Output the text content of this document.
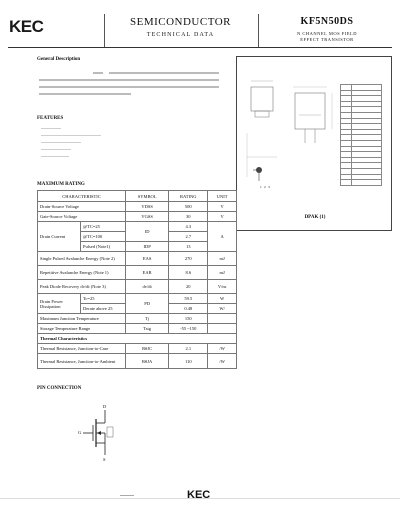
KEC	SEMICONDUCTOR
TECHNICAL DATA
KF5N50DS
N CHANNEL MOS FIELD
EFFECT TRANSISTOR
General Description
FEATURES
1 2 3
DPAK (1)

MAXIMUM RATING
CHARACTERISTIC		SYMBOL	RATING	UNIT
Drain-Source Voltage		VDSS	500	V
Gate-Source Voltage		VGSS	30	V
Drain Current	@TC=25	ID	4.3	A
	@TC=100		2.7	
	Pulsed (Note1)	IDP	13	
Single Pulsed Avalanche Energy (Note 2)		EAS	270	mJ
Repetitive Avalanche Energy (Note 1)		EAR	8.6	mJ
Peak Diode Recovery dv/dt (Note 3)		dv/dt	20	V/ns
Drain Power Dissipation	Tc=25	PD	59.5	W
	Derate above 25		0.48	W/
Maximum Junction Temperature		Tj	150	
Storage Temperature Range		Tstg	-55 ~150	
Thermal Characteristics				
Thermal Resistance, Junction-to-Case		RθJC	2.1	/W
Thermal Resistance, Junction-to-Ambient		RθJA	110	/W
PIN CONNECTION
D
G
S
KEC
